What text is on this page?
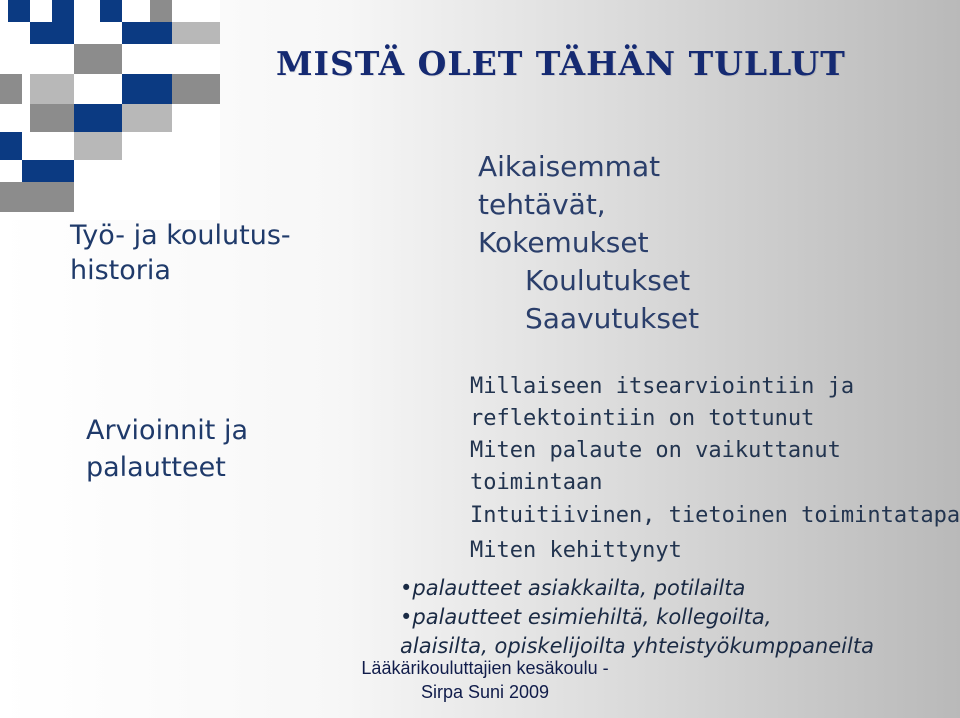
MISTÄ OLET TÄHÄN TULLUT
Työ- ja koulutus-
historia
Aikaisemmat
tehtävät,
Kokemukset
Koulutukset
Saavutukset
Arvioinnit ja
palautteet
Millaiseen itsearviointiin ja
reflektointiin on tottunut
Miten palaute on vaikuttanut
toimintaan
Intuitiivinen, tietoinen toimintatapa
Miten kehittynyt
•palautteet asiakkailta, potilailta
•palautteet esimiehiltä, kollegoilta,
alaisilta, opiskelijoilta yhteistyökumppaneilta
Lääkärikouluttajien kesäkoulu -
Sirpa Suni 2009
